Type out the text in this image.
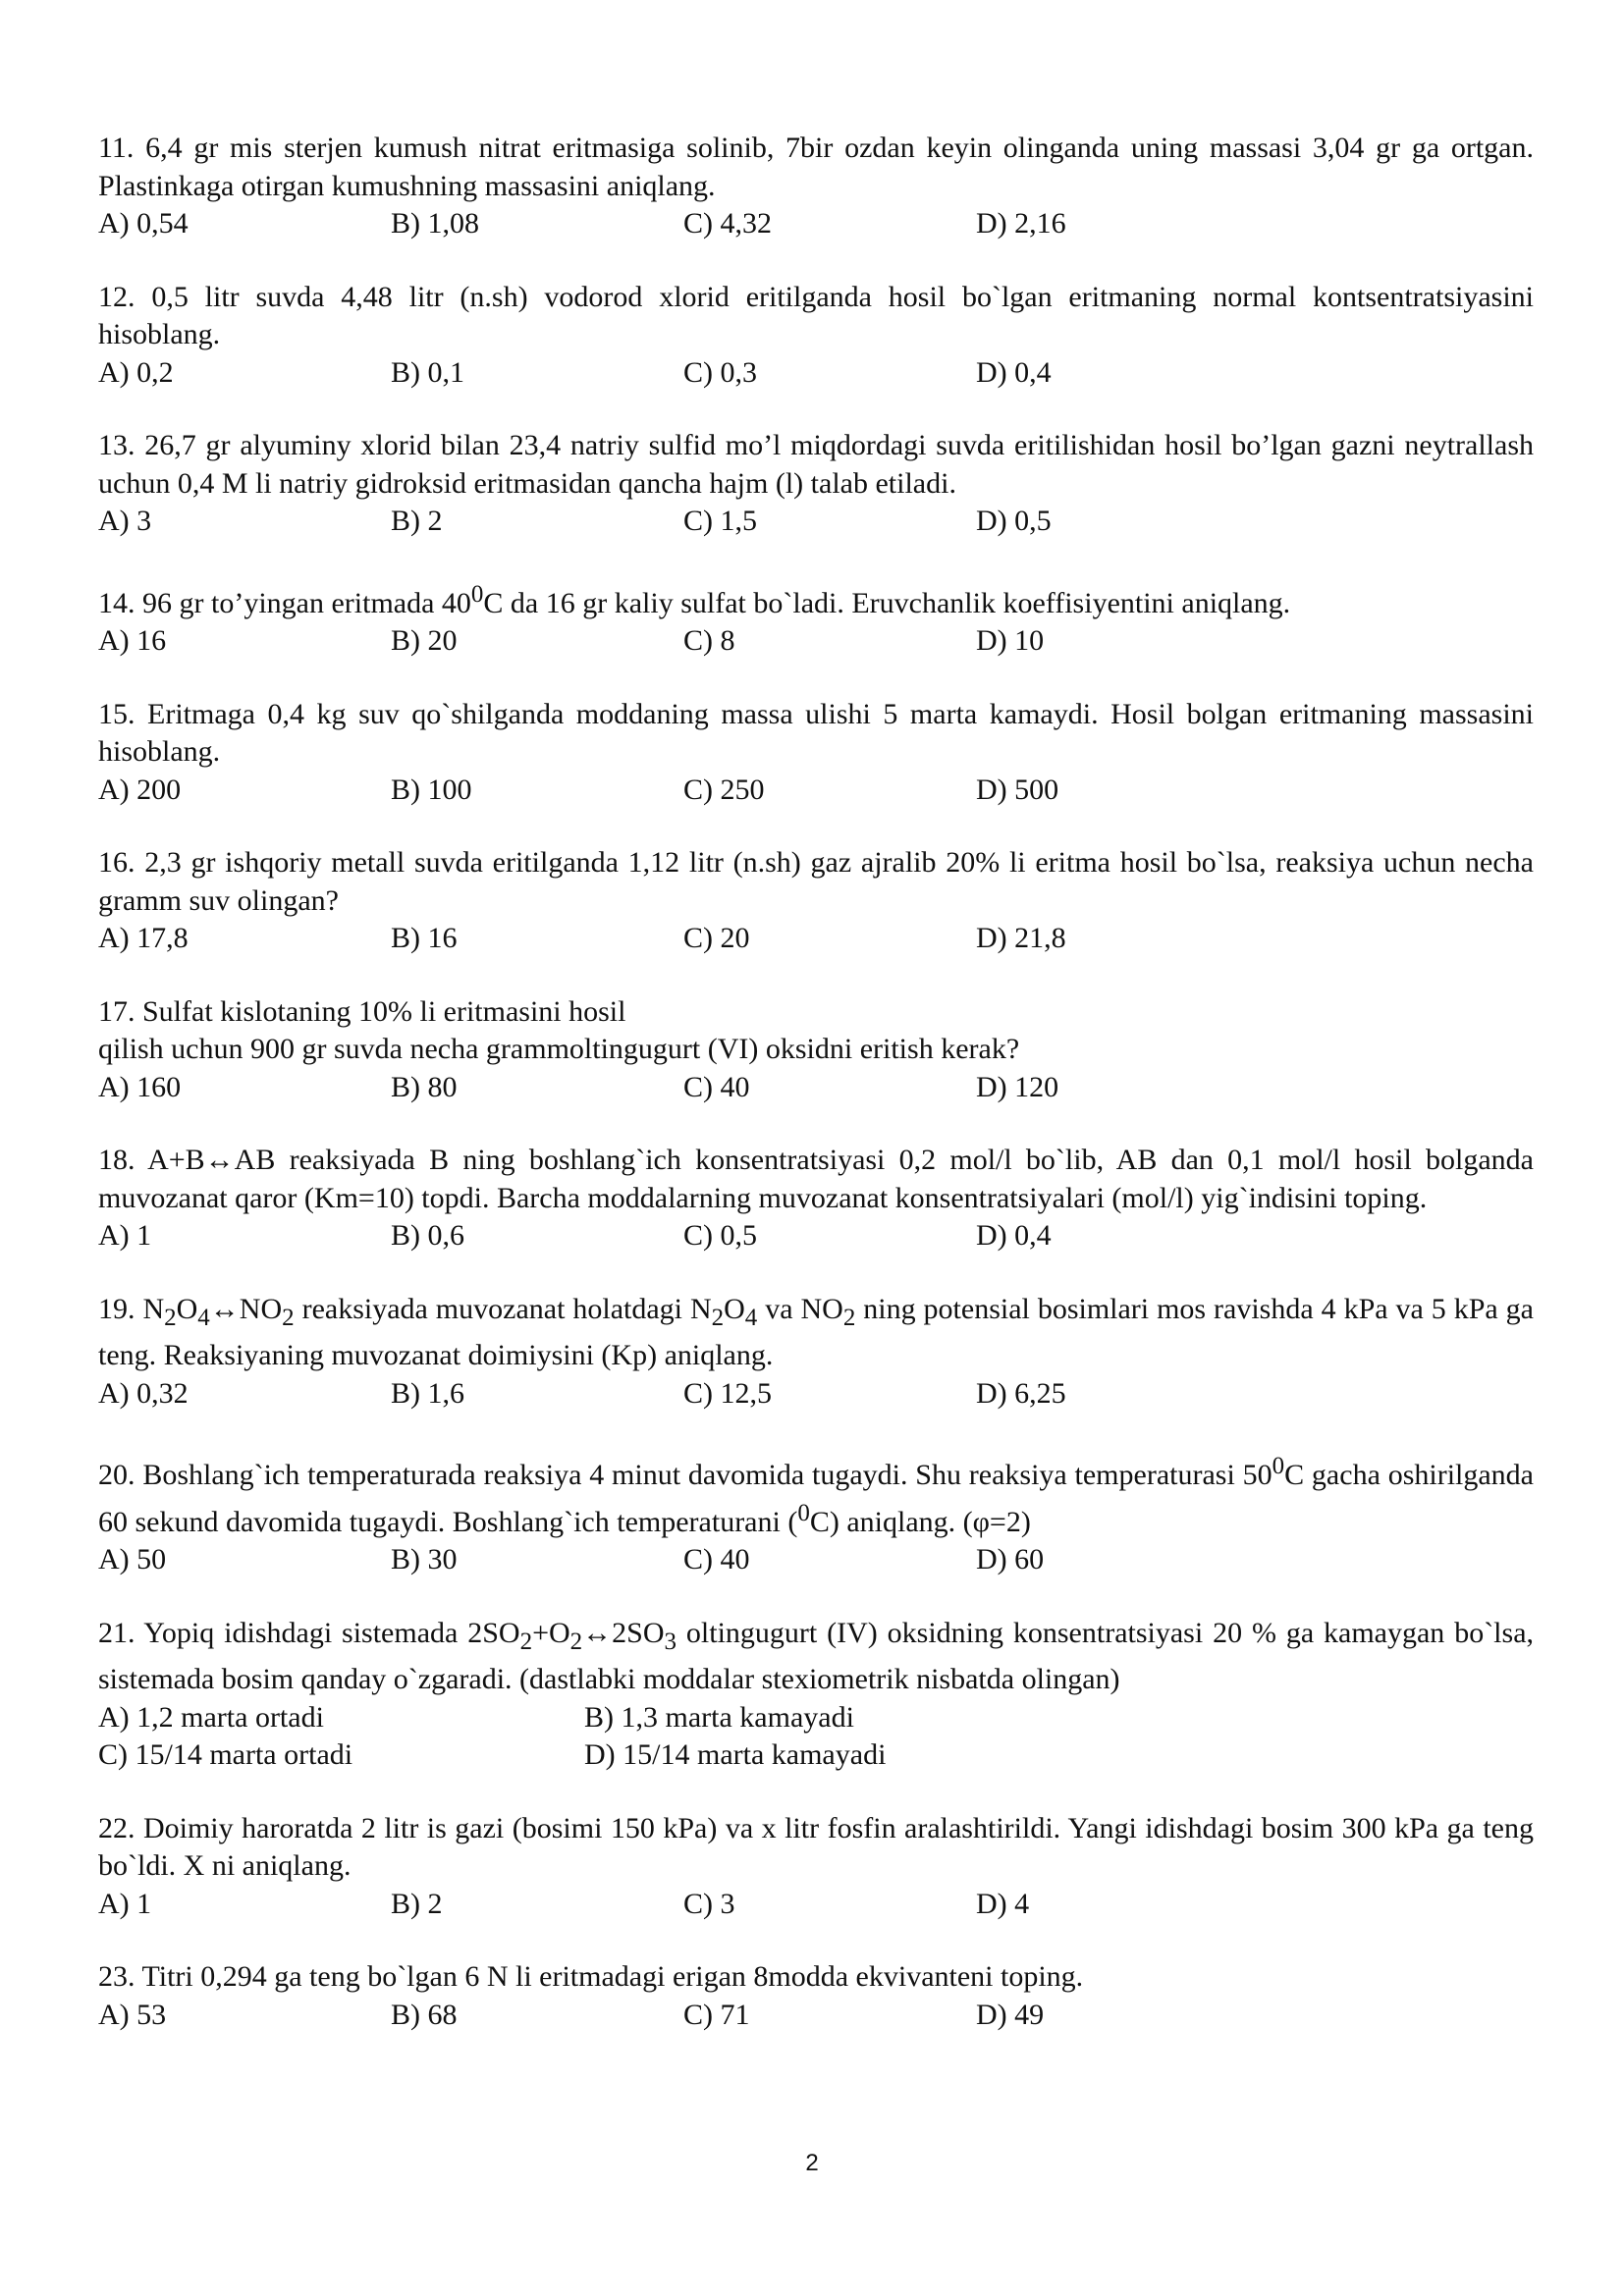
11. 6,4 gr mis sterjen kumush nitrat eritmasiga solinib, 7bir ozdan keyin olinganda uning massasi 3,04 gr ga ortgan. Plastinkaga otirgan kumushning massasini aniqlang.

A) 0,54	B) 1,08	C) 4,32	D) 2,16

12. 0,5 litr suvda 4,48 litr (n.sh) vodorod xlorid eritilganda hosil bo`lgan eritmaning normal kontsentratsiyasini hisoblang.

A) 0,2	B) 0,1	C) 0,3	D) 0,4

13. 26,7 gr alyuminy xlorid bilan 23,4 natriy sulfid mo’l miqdordagi suvda eritilishidan hosil bo’lgan gazni neytrallash uchun 0,4 M li natriy gidroksid eritmasidan qancha hajm (l) talab etiladi.

A) 3	B) 2	C) 1,5	D) 0,5

14. 96 gr to’yingan eritmada $40^0C$ da 16 gr kaliy sulfat bo`ladi. Eruvchanlik koeffisiyentini aniqlang.

A) 16	B) 20	C) 8	D) 10

15. Eritmaga 0,4 kg suv qo`shilganda moddaning massa ulishi 5 marta kamaydi. Hosil bolgan eritmaning massasini hisoblang.

A) 200	B) 100	C) 250	D) 500

16. 2,3 gr ishqoriy metall suvda eritilganda 1,12 litr (n.sh) gaz ajralib 20% li eritma hosil bo`lsa, reaksiya uchun necha gramm suv olingan?

A) 17,8	B) 16	C) 20	D) 21,8

17. Sulfat kislotaning 10% li eritmasini hosil
qilish uchun 900 gr suvda necha grammoltingugurt (VI) oksidni eritish kerak?

A) 160	B) 80	C) 40	D) 120

18. A+B↔AB reaksiyada B ning boshlang`ich konsentratsiyasi 0,2 mol/l bo`lib, AB dan 0,1 mol/l hosil bolganda muvozanat qaror (Km=10) topdi. Barcha moddalarning muvozanat konsentratsiyalari (mol/l) yig`indisini toping.

A) 1	B) 0,6	C) 0,5	D) 0,4

19. $N_2O_4\leftrightarrow NO_2$ reaksiyada muvozanat holatdagi $N_2O_4$ va $NO_2$ ning potensial bosimlari mos ravishda 4 kPa va 5 kPa ga teng. Reaksiyaning muvozanat doimiysini (Kp) aniqlang.

A) 0,32	B) 1,6	C) 12,5	D) 6,25

20. Boshlang`ich temperaturada reaksiya 4 minut davomida tugaydi. Shu reaksiya temperaturasi $50^0C$ gacha oshirilganda 60 sekund davomida tugaydi. Boshlang`ich temperaturani ($^0$C) aniqlang. (φ=2)

A) 50	B) 30	C) 40	D) 60

21. Yopiq idishdagi sistemada $2SO_2+O_2\leftrightarrow 2SO_3$ oltingugurt (IV) oksidning konsentratsiyasi 20 % ga kamaygan bo`lsa, sistemada bosim qanday o`zgaradi. (dastlabki moddalar stexiometrik nisbatda olingan)

A) 1,2 marta ortadi	B) 1,3 marta kamayadi
C) 15/14 marta ortadi	D) 15/14 marta kamayadi

22. Doimiy haroratda 2 litr is gazi (bosimi 150 kPa) va x litr fosfin aralashtirildi. Yangi idishdagi bosim 300 kPa ga teng bo`ldi. X ni aniqlang.

A) 1	B) 2	C) 3	D) 4

23. Titri 0,294 ga teng bo`lgan 6 N li eritmadagi erigan 8modda ekvivanteni toping.

A) 53	B) 68	C) 71	D) 49
2
